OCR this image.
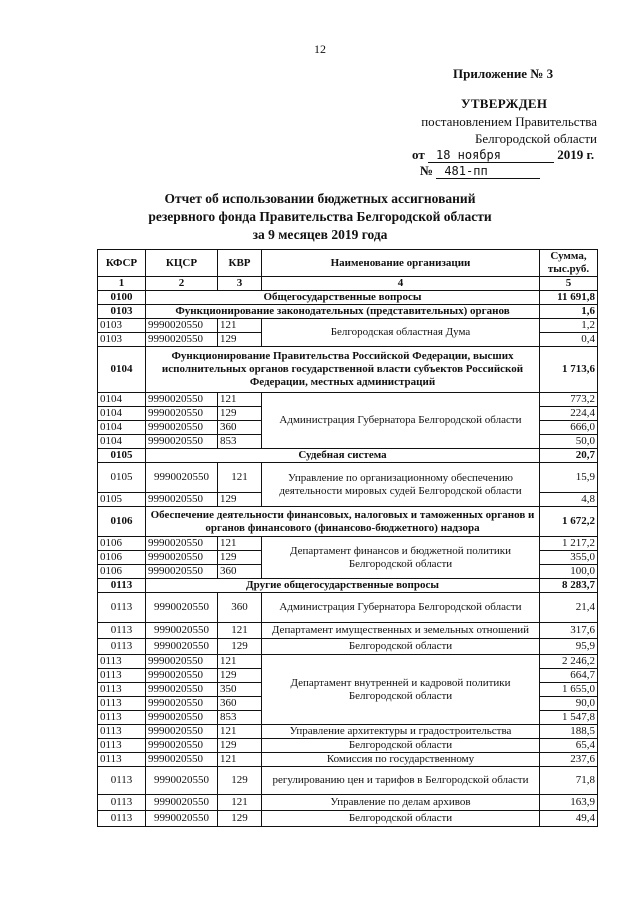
12
Приложение № 3
УТВЕРЖДЕН
постановлением Правительства
Белгородской области
от 18 ноября	2019 г.
№ 481-пп
Отчет об использовании бюджетных ассигнований
резервного фонда Правительства Белгородской области
за 9 месяцев 2019 года
КФСР	КЦСР	КВР	Наименование организации	Сумма, тыс.руб.
1	2	3	4	5
0100	Общегосударственные вопросы			11 691,8
0103	Функционирование законодательных (представительных) органов			1,6
0103	9990020550	121	Белгородская областная Дума	1,2
0103	9990020550	129		0,4
0104	Функционирование Правительства Российской Федерации, высших исполнительных органов государственной власти субъектов Российской Федерации, местных администраций			1 713,6
0104	9990020550	121	Администрация Губернатора Белгородской области	773,2
0104	9990020550	129		224,4
0104	9990020550	360		666,0
0104	9990020550	853		50,0
0105	Судебная система			20,7
0105	9990020550	121	Управление по организационному обеспечению деятельности мировых судей Белгородской области	15,9
0105	9990020550	129		4,8
0106	Обеспечение деятельности финансовых, налоговых и таможенных органов и органов финансового (финансово-бюджетного) надзора			1 672,2
0106	9990020550	121	Департамент финансов и бюджетной политики Белгородской области	1 217,2
0106	9990020550	129		355,0
0106	9990020550	360		100,0
0113	Другие общегосударственные вопросы			8 283,7
0113	9990020550	360	Администрация Губернатора Белгородской области	21,4
0113	9990020550	121	Департамент имущественных и земельных отношений	317,6
0113	9990020550	129	Белгородской области	95,9
0113	9990020550	121	Департамент внутренней и кадровой политики Белгородской области	2 246,2
0113	9990020550	129		664,7
0113	9990020550	350		1 655,0
0113	9990020550	360		90,0
0113	9990020550	853		1 547,8
0113	9990020550	121	Управление архитектуры и градостроительства	188,5
0113	9990020550	129	Белгородской области	65,4
0113	9990020550	121	Комиссия по государственному	237,6
0113	9990020550	129	регулированию цен и тарифов в Белгородской области	71,8
0113	9990020550	121	Управление по делам архивов	163,9
0113	9990020550	129	Белгородской области	49,4
